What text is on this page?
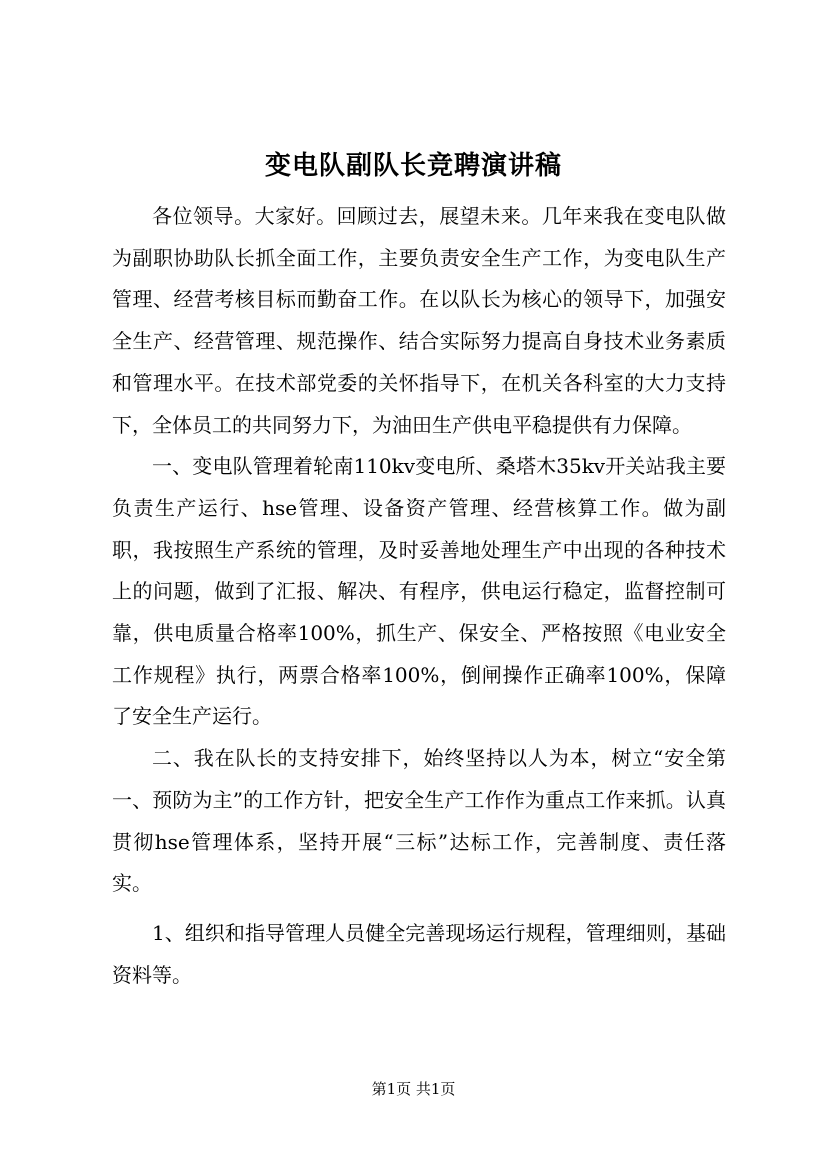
变电队副队长竞聘演讲稿

各位领导。大家好。回顾过去，展望未来。几年来我在变电队做为副职协助队长抓全面工作，主要负责安全生产工作，为变电队生产管理、经营考核目标而勤奋工作。在以队长为核心的领导下，加强安全生产、经营管理、规范操作、结合实际努力提高自身技术业务素质和管理水平。在技术部党委的关怀指导下，在机关各科室的大力支持下，全体员工的共同努力下，为油田生产供电平稳提供有力保障。

一、变电队管理着轮南110kv变电所、桑塔木35kv开关站我主要负责生产运行、hse管理、设备资产管理、经营核算工作。做为副职，我按照生产系统的管理，及时妥善地处理生产中出现的各种技术上的问题，做到了汇报、解决、有程序，供电运行稳定，监督控制可靠，供电质量合格率100%，抓生产、保安全、严格按照《电业安全工作规程》执行，两票合格率100%，倒闸操作正确率100%，保障了安全生产运行。

二、我在队长的支持安排下，始终坚持以人为本，树立“安全第一、预防为主”的工作方针，把安全生产工作作为重点工作来抓。认真贯彻hse管理体系，坚持开展“三标”达标工作，完善制度、责任落实。

1、组织和指导管理人员健全完善现场运行规程，管理细则，基础资料等。

第1页 共1页
